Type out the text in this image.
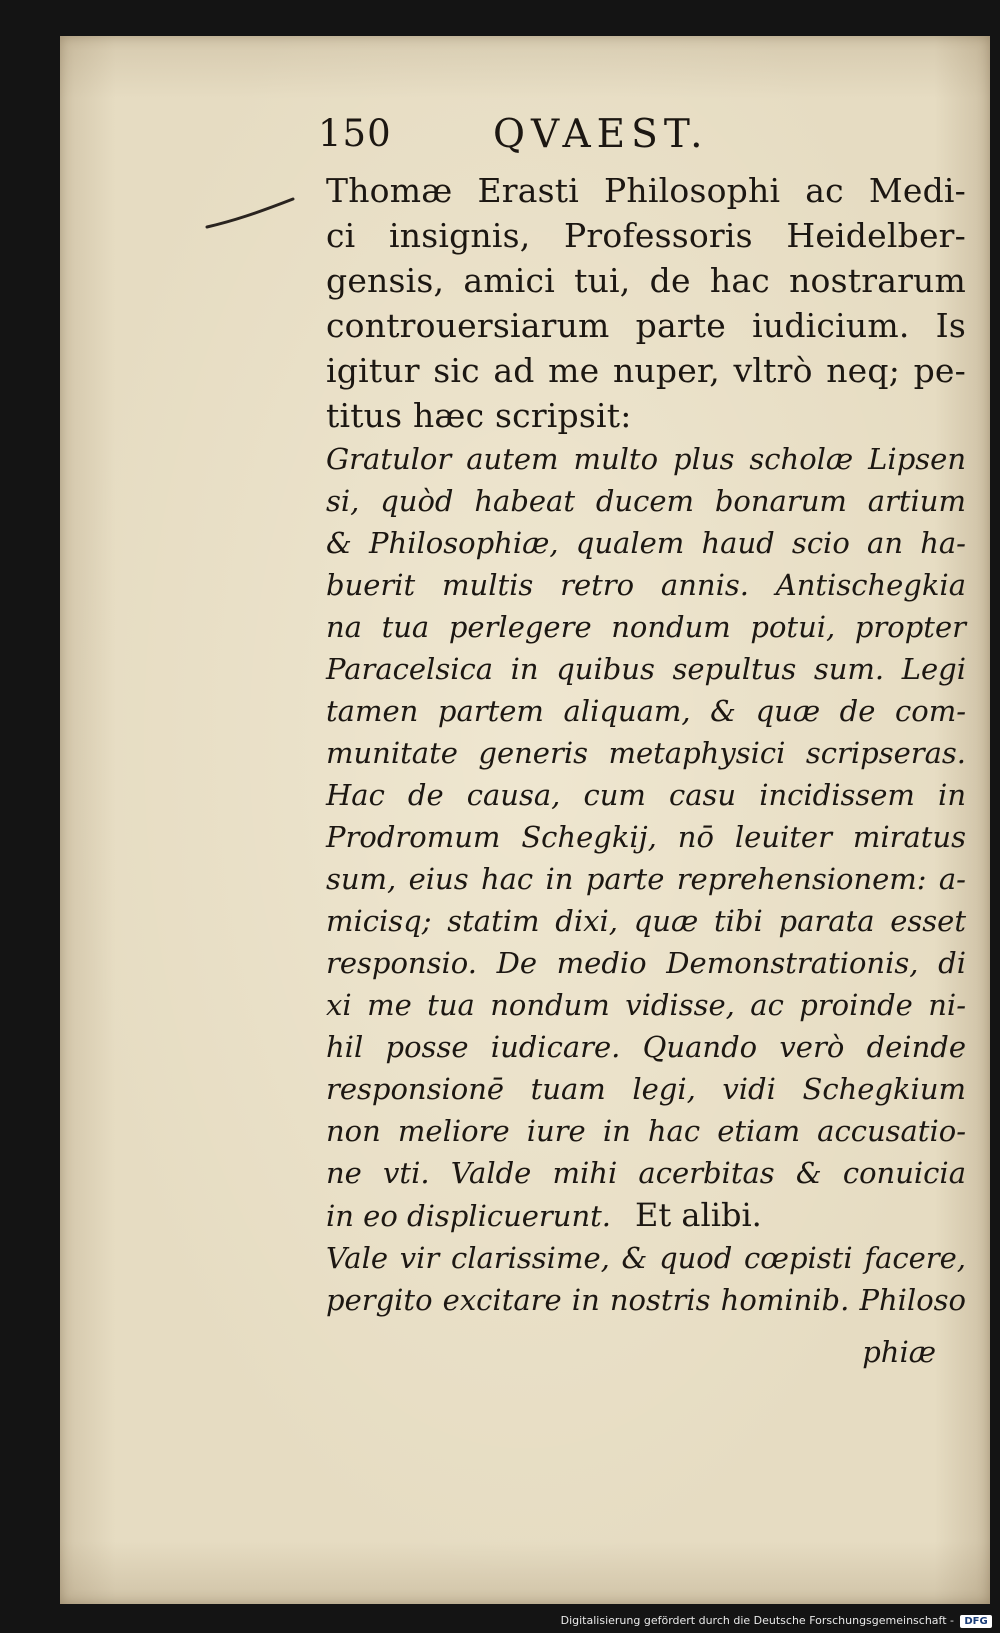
150	QVAEST.
Thomæ Erasti Philosophi ac Medi-
ci insignis, Professoris Heidelber-
gensis, amici tui, de hac nostrarum
controuersiarum parte iudicium. Is
igitur sic ad me nuper, vltrò neq; pe-
titus hæc scripsit:
Gratulor autem multo plus scholæ Lipsen
si, quòd habeat ducem bonarum artium
& Philosophiæ, qualem haud scio an ha-
buerit multis retro annis. Antischegkia
na tua perlegere nondum potui, propter
Paracelsica in quibus sepultus sum. Legi
tamen partem aliquam, & quæ de com-
munitate generis metaphysici scripseras.
Hac de causa, cum casu incidissem in
Prodromum Schegkij, nō leuiter miratus
sum, eius hac in parte reprehensionem: a-
micisq; statim dixi, quæ tibi parata esset
responsio. De medio Demonstrationis, di
xi me tua nondum vidisse, ac proinde ni-
hil posse iudicare. Quando verò deinde
responsionē tuam legi, vidi Schegkium
non meliore iure in hac etiam accusatio-
ne vti. Valde mihi acerbitas & conuicia
in eo displicuerunt. Et alibi.
Vale vir clarissime, & quod cœpisti facere,
pergito excitare in nostris hominib. Philoso
phiæ
Digitalisierung gefördert durch die Deutsche Forschungsgemeinschaft -	DFG
